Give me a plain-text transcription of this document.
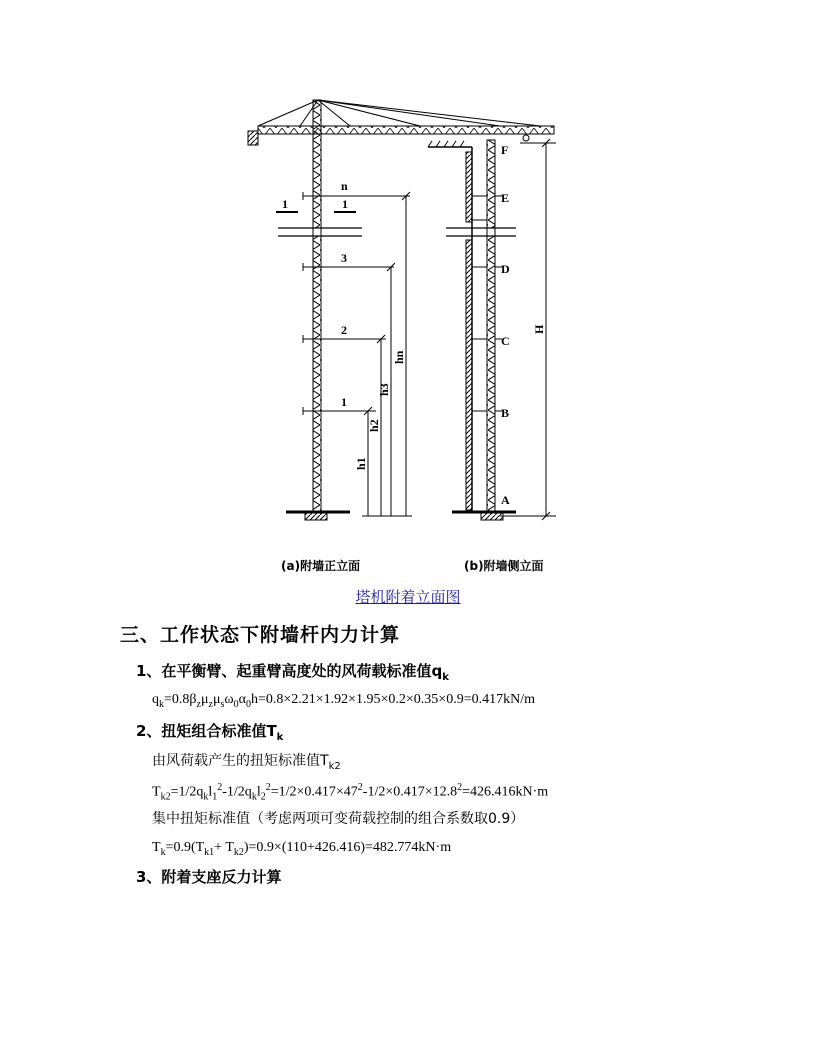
1	1
n
3
2
1
h1
h2
h3
hn
F
E
D
C
B
A
H
(a)附墙正立面	(b)附墙侧立面
塔机附着立面图
三、工作状态下附墙杆内力计算
1、在平衡臂、起重臂高度处的风荷载标准值$q_k$
$q_k=0.8\beta_z\mu_z\mu_s\omega_0\alpha_0h=0.8\times 2.21\times 1.92\times 1.95\times 0.2\times 0.35\times 0.9=0.417kN/m$
2、扭矩组合标准值$T_k$
由风荷载产生的扭矩标准值$T_{k2}$
$T_{k2}=1/2q_kl_1^2-1/2q_kl_2^2=1/2\times 0.417\times 47^2-1/2\times 0.417\times 12.8^2=426.416kN\cdot m$
集中扭矩标准值（考虑两项可变荷载控制的组合系数取0.9）
$T_k=0.9(T_{k1}+ T_{k2})=0.9\times(110+426.416)=482.774kN\cdot m$
3、附着支座反力计算
